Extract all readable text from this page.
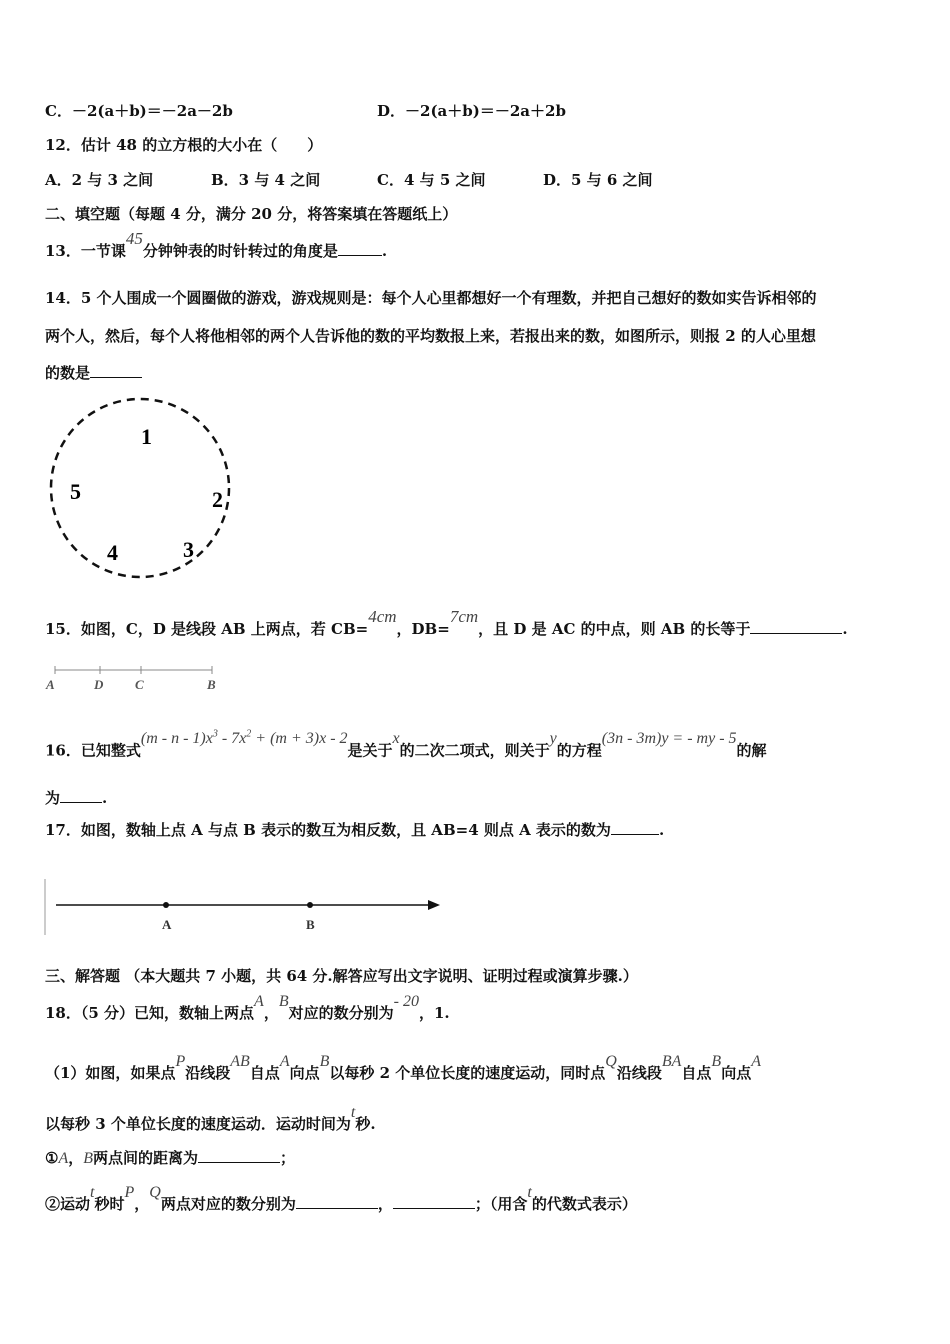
C．－2(a＋b)＝－2a－2b	D．－2(a＋b)＝－2a＋2b
12．估计 48 的立方根的大小在（　　）
A．2 与 3 之间	B．3 与 4 之间	C．4 与 5 之间	D．5 与 6 之间
二、填空题（每题 4 分，满分 20 分，将答案填在答题纸上）
13．一节课45分钟钟表的时针转过的角度是	.
14．5 个人围成一个圆圈做的游戏，游戏规则是：每个人心里都想好一个有理数，并把自己想好的数如实告诉相邻的
两个人，然后，每个人将他相邻的两个人告诉他的数的平均数报上来，若报出来的数，如图所示，则报 2 的人心里想
的数是
1
2
3
4
5
15．如图，C，D 是线段 AB 上两点，若 CB=4cm，DB=7cm，且 D 是 AC 的中点，则 AB 的长等于	.
A	D C	B
16．已知整式$(m - n - 1)x^3 - 7x^2 + (m + 3)x - 2$是关于x的二次二项式，则关于y的方程(3n - 3m)y = - my - 5的解
为	.
17．如图，数轴上点 A 与点 B 表示的数互为相反数，且 AB=4 则点 A 表示的数为	.
A	B
三、解答题 （本大题共 7 小题，共 64 分.解答应写出文字说明、证明过程或演算步骤.）
18．（5 分）已知，数轴上两点A，B对应的数分别为- 20，1.
（1）如图，如果点P沿线段AB自点A向点B以每秒 2 个单位长度的速度运动，同时点Q沿线段BA自点B向点A
以每秒 3 个单位长度的速度运动．运动时间为t秒.
①A，B两点间的距离为	；
②运动t秒时P，Q两点对应的数分别为	，	；（用含t的代数式表示）
